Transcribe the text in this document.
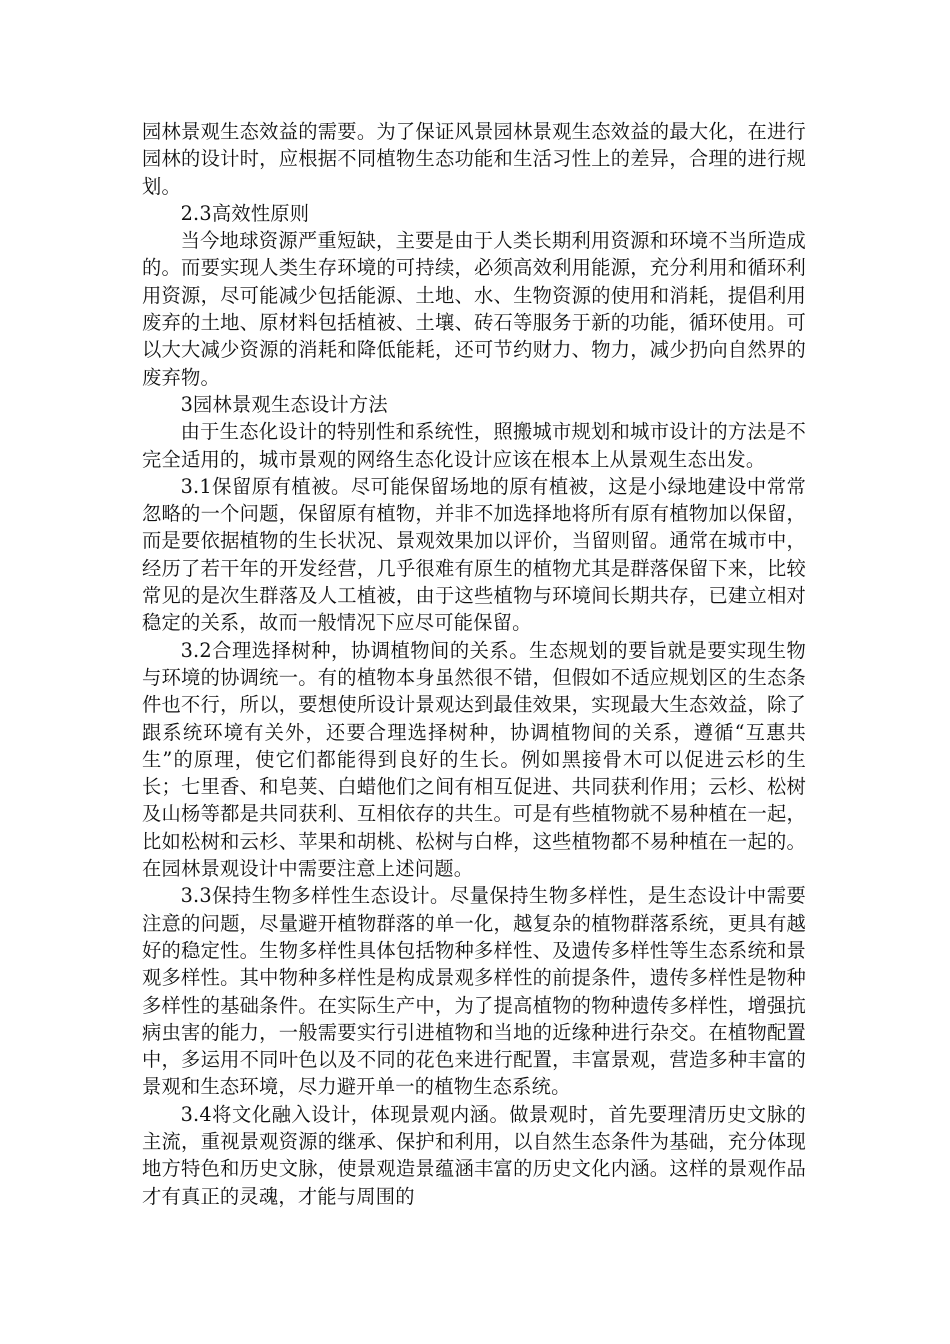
园林景观生态效益的需要。为了保证风景园林景观生态效益的最大化，在进行园林的设计时，应根据不同植物生态功能和生活习性上的差异，合理的进行规划。

2.3高效性原则

当今地球资源严重短缺，主要是由于人类长期利用资源和环境不当所造成的。而要实现人类生存环境的可持续，必须高效利用能源，充分利用和循环利用资源，尽可能减少包括能源、土地、水、生物资源的使用和消耗，提倡利用废弃的土地、原材料包括植被、土壤、砖石等服务于新的功能，循环使用。可以大大减少资源的消耗和降低能耗，还可节约财力、物力，减少扔向自然界的废弃物。

3园林景观生态设计方法

由于生态化设计的特别性和系统性，照搬城市规划和城市设计的方法是不完全适用的，城市景观的网络生态化设计应该在根本上从景观生态出发。

3.1保留原有植被。尽可能保留场地的原有植被，这是小绿地建设中常常忽略的一个问题，保留原有植物，并非不加选择地将所有原有植物加以保留，而是要依据植物的生长状况、景观效果加以评价，当留则留。通常在城市中，经历了若干年的开发经营，几乎很难有原生的植物尤其是群落保留下来，比较常见的是次生群落及人工植被，由于这些植物与环境间长期共存，已建立相对稳定的关系，故而一般情况下应尽可能保留。

3.2合理选择树种，协调植物间的关系。生态规划的要旨就是要实现生物与环境的协调统一。有的植物本身虽然很不错，但假如不适应规划区的生态条件也不行，所以，要想使所设计景观达到最佳效果，实现最大生态效益，除了跟系统环境有关外，还要合理选择树种，协调植物间的关系，遵循“互惠共生”的原理，使它们都能得到良好的生长。例如黑接骨木可以促进云杉的生长；七里香、和皂荚、白蜡他们之间有相互促进、共同获利作用；云杉、松树及山杨等都是共同获利、互相依存的共生。可是有些植物就不易种植在一起，比如松树和云杉、苹果和胡桃、松树与白桦，这些植物都不易种植在一起的。在园林景观设计中需要注意上述问题。

3.3保持生物多样性生态设计。尽量保持生物多样性，是生态设计中需要注意的问题，尽量避开植物群落的单一化，越复杂的植物群落系统，更具有越好的稳定性。生物多样性具体包括物种多样性、及遗传多样性等生态系统和景观多样性。其中物种多样性是构成景观多样性的前提条件，遗传多样性是物种多样性的基础条件。在实际生产中，为了提高植物的物种遗传多样性，增强抗病虫害的能力，一般需要实行引进植物和当地的近缘种进行杂交。在植物配置中，多运用不同叶色以及不同的花色来进行配置，丰富景观，营造多种丰富的景观和生态环境，尽力避开单一的植物生态系统。

3.4将文化融入设计，体现景观内涵。做景观时，首先要理清历史文脉的主流，重视景观资源的继承、保护和利用，以自然生态条件为基础，充分体现地方特色和历史文脉，使景观造景蕴涵丰富的历史文化内涵。这样的景观作品才有真正的灵魂，才能与周围的
